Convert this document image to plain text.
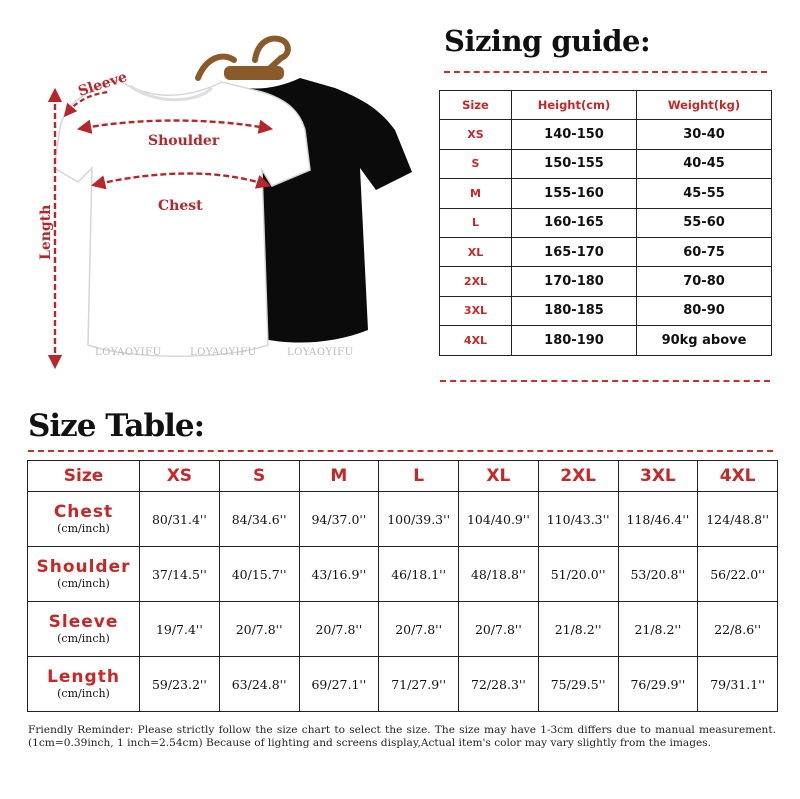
LOYAOYIFU	LOYAOYIFU	LOYAOYIFU
Sleeve
Shoulder
Chest
Length
Sizing guide:
Size	Height(cm)	Weight(kg)
XS	140-150	30-40
S	150-155	40-45
M	155-160	45-55
L	160-165	55-60
XL	165-170	60-75
2XL	170-180	70-80
3XL	180-185	80-90
4XL	180-190	90kg above
Size Table:
Size	XS	S	M	L	XL	2XL	3XL	4XL

Chest
(cm/inch)	80/31.4''	84/34.6''	94/37.0''	100/39.3''	104/40.9''	110/43.3''	118/46.4''	124/48.8''

Shoulder
(cm/inch)	37/14.5''	40/15.7''	43/16.9''	46/18.1''	48/18.8''	51/20.0''	53/20.8''	56/22.0''

Sleeve
(cm/inch)	19/7.4''	20/7.8''	20/7.8''	20/7.8''	20/7.8''	21/8.2''	21/8.2''	22/8.6''

Length
(cm/inch)	59/23.2''	63/24.8''	69/27.1''	71/27.9''	72/28.3''	75/29.5''	76/29.9''	79/31.1''
Friendly Reminder: Please strictly follow the size chart to select the size. The size may have 1-3cm differs due to manual measurement. (1cm=0.39inch, 1 inch=2.54cm) Because of lighting and screens display,Actual item's color may vary slightly from the images.
